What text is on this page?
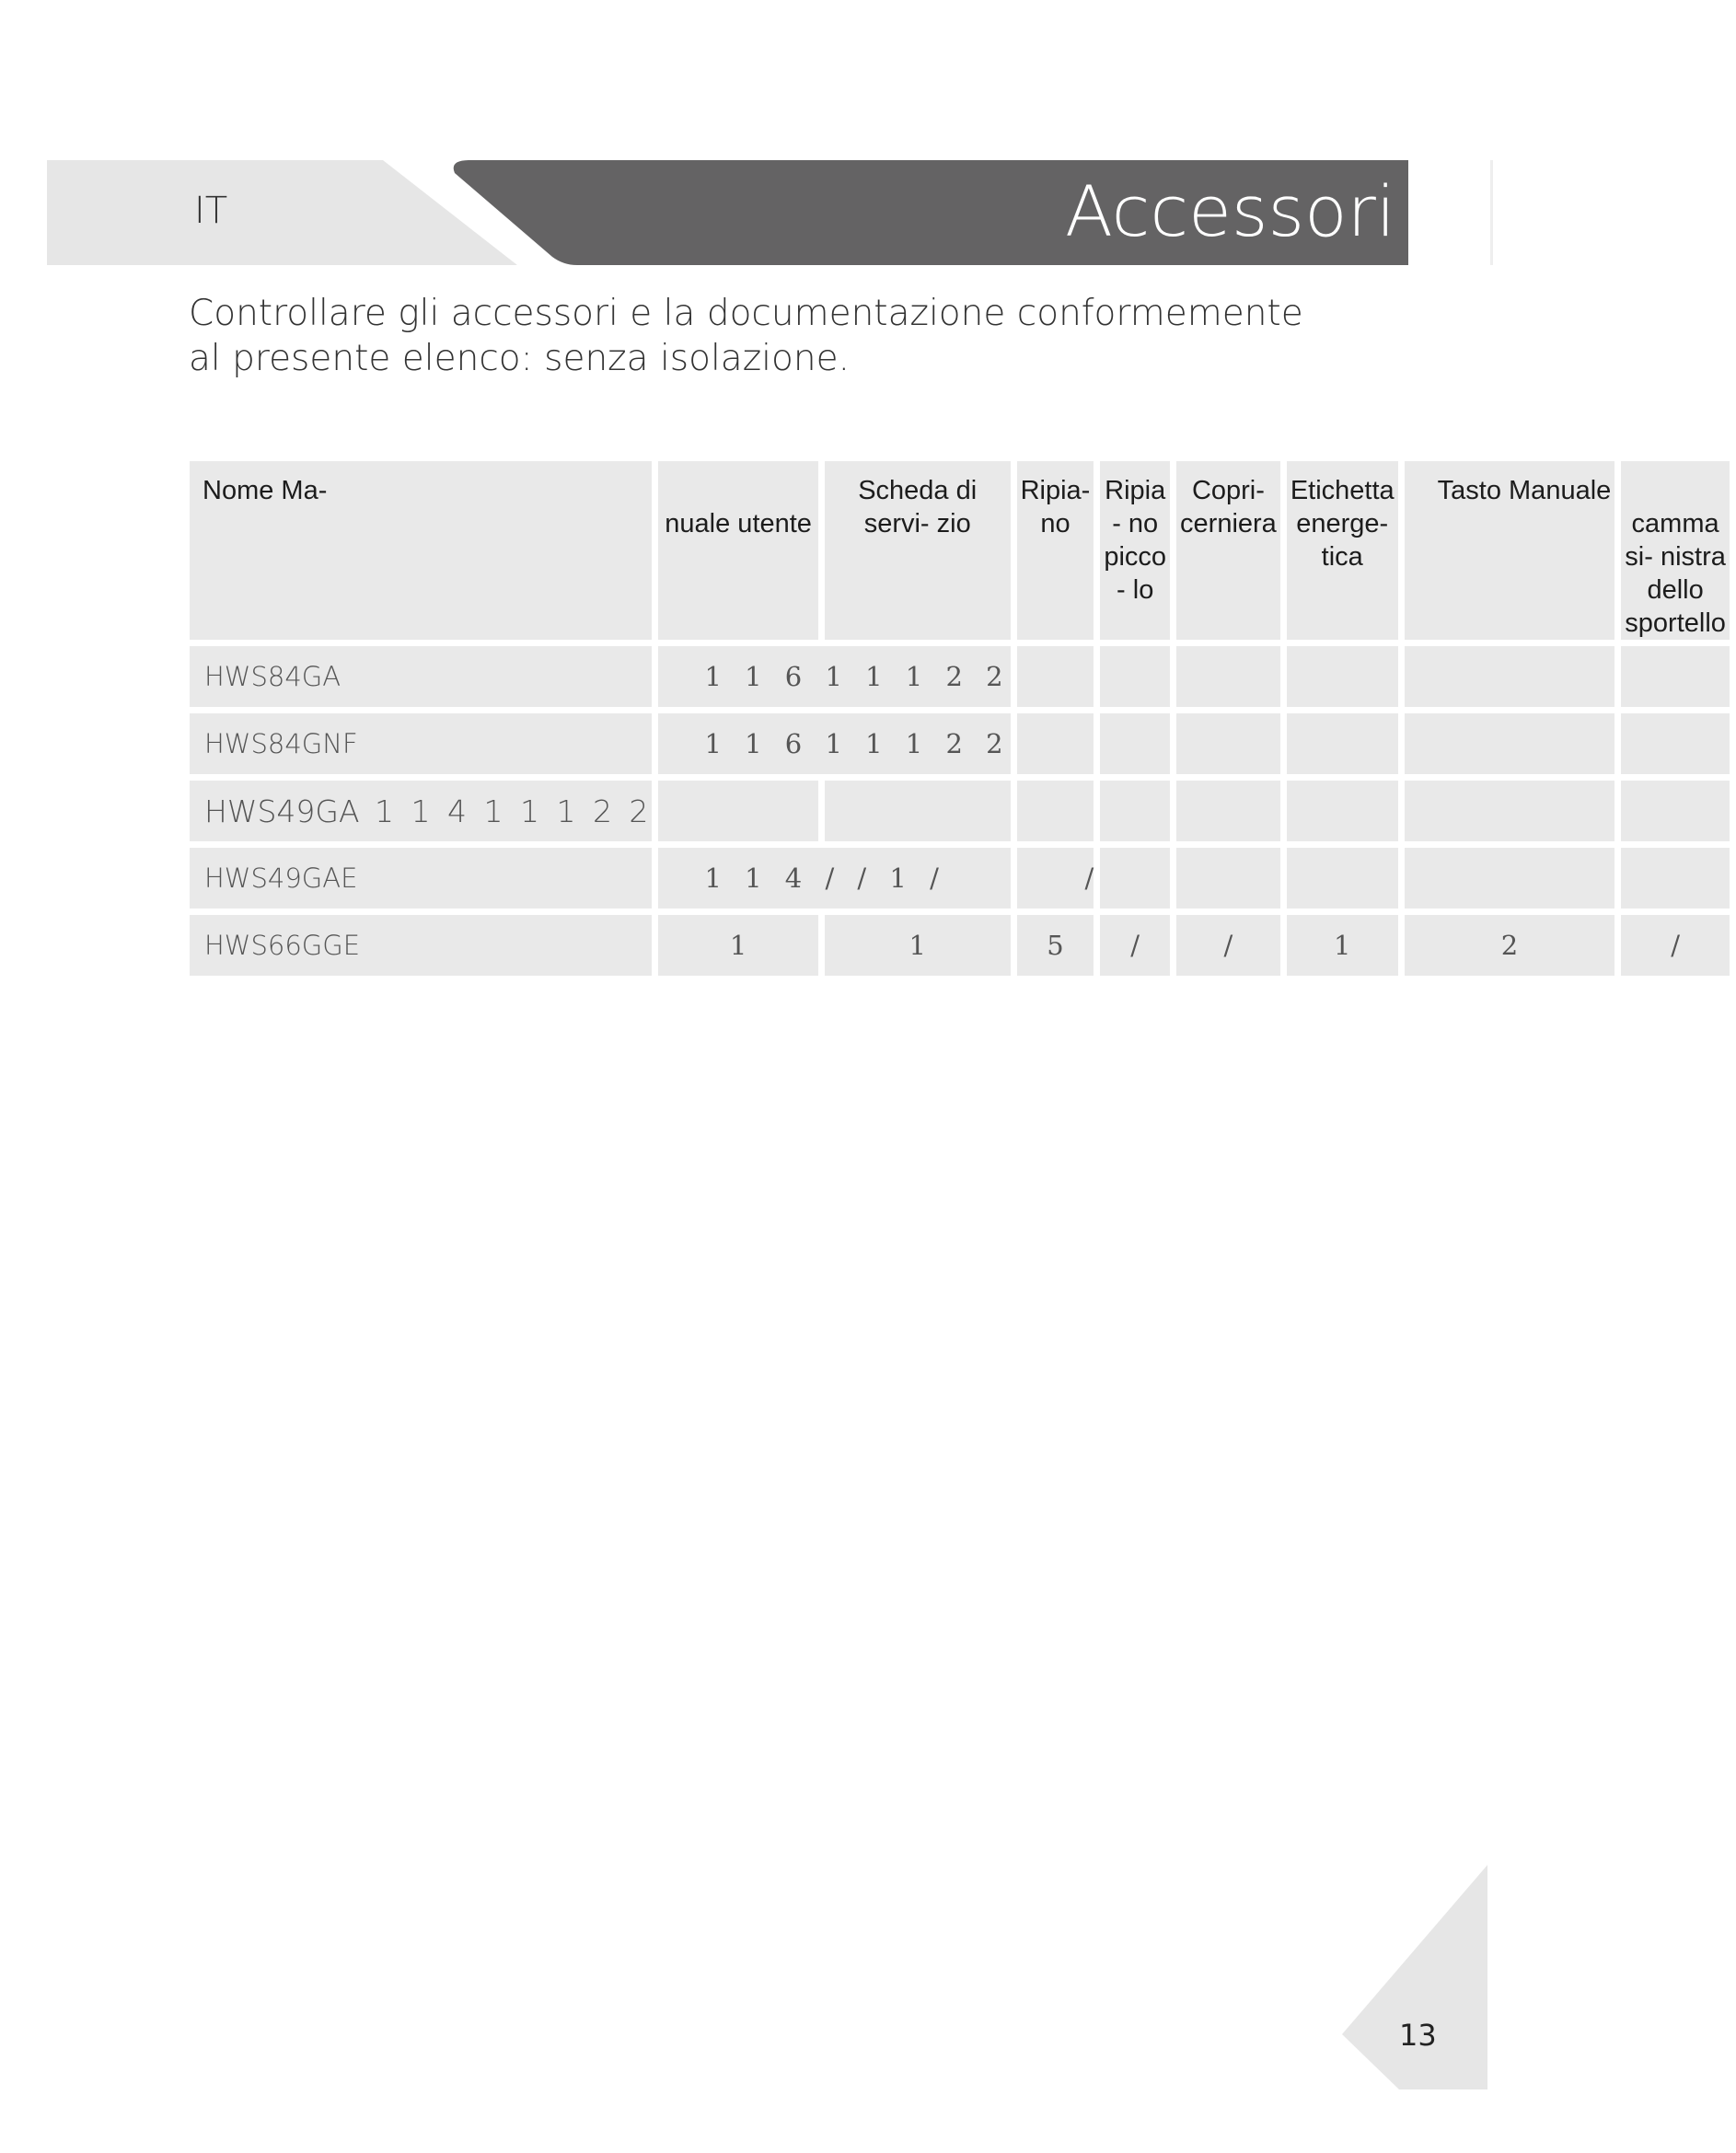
IT	Accessori

Controllare gli accessori e la documentazione conformemente al presente elenco: senza isolazione.

Nome Ma-	nuale utente	Scheda di servi- zio	Ripia- no	Ripia - no picco - lo	Copri- cerniera	Etichetta energe- tica	Tasto Manuale	camma si- nistra dello sportello
HWS84GA	1 1 6 1 1 1 2 2							
HWS84GNF	1 1 6 1 1 1 2 2							
HWS49GA 1 1 4 1 1 1 2 2								
HWS49GAE	1 1 4 / / 1 /		/					
HWS66GGE	1	1	5	/	/	1	2	/
13
